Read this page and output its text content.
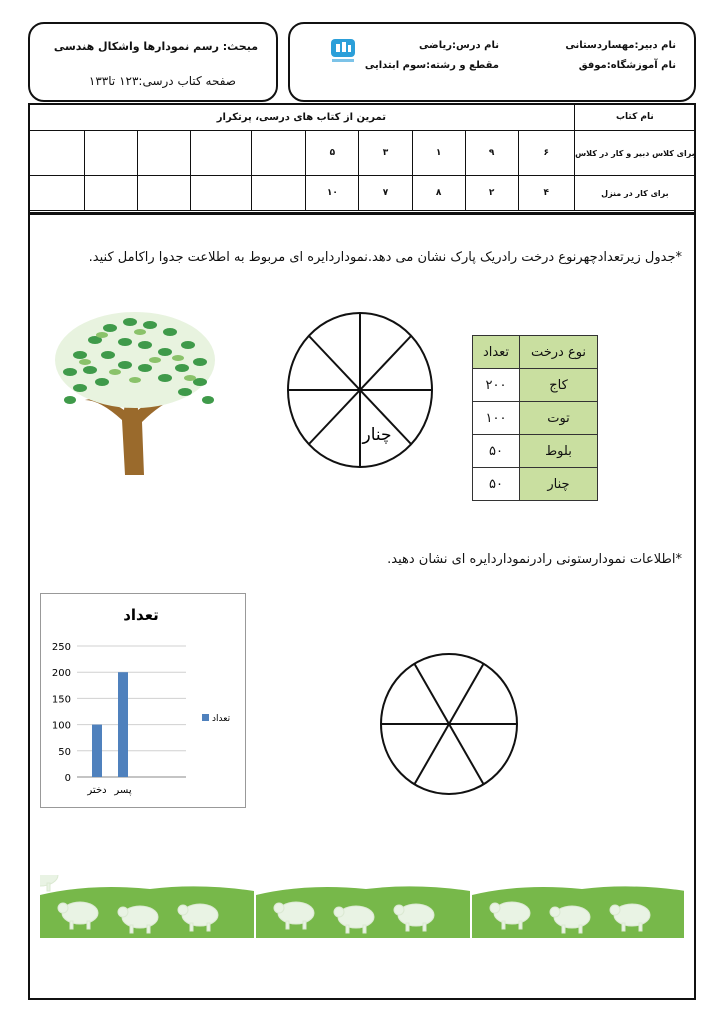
مبحث: رسم نمودارها واشکال هندسی
صفحه کتاب درسی:۱۲۳ تا۱۳۳
نام دبیر:مهساردستانی
نام آموزشگاه:موفق
نام درس:ریاضی
مقطع و رشته:سوم ابتدایی
تمرین از کتاب های درسی، پرتکرار										نام کتاب
					۵	۳	۱	۹	۶	برای کلاس دبیر و کار در کلاس
					۱۰	۷	۸	۲	۴	برای کار در منزل
*جدول زیرتعدادچهرنوع درخت رادریک پارک نشان می دهد.نموداردایره ای مربوط به اطلاعت جدوا راکامل کنید.
چنار
تعداد	نوع درخت
۲۰۰	کاج
۱۰۰	توت
۵۰	بلوط
۵۰	چنار
*اطلاعات نمودارستونی رادرنموداردایره ای نشان دهید.
تعداد
0
50
100
150
200
250
دختر پسر
تعداد
